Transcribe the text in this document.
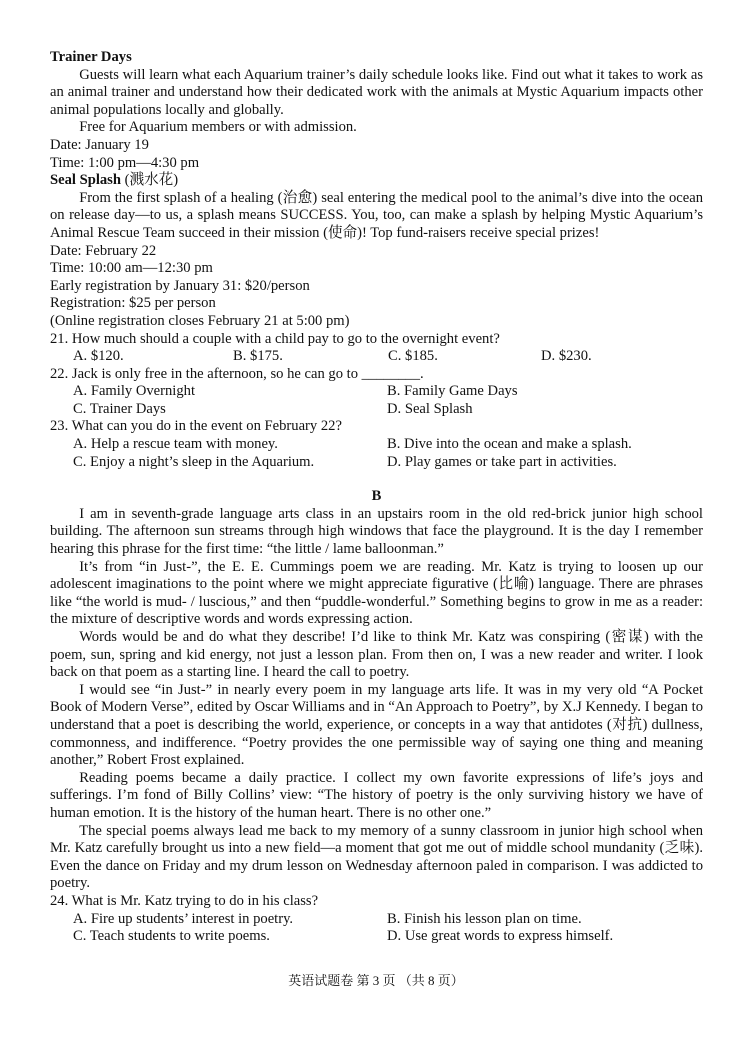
Trainer Days

Guests will learn what each Aquarium trainer’s daily schedule looks like. Find out what it takes to work as an animal trainer and understand how their dedicated work with the animals at Mystic Aquarium impacts other animal populations locally and globally.

Free for Aquarium members or with admission.

Date: January 19
Time: 1:00 pm—4:30 pm
Seal Splash (溅水花)

From the first splash of a healing (治愈) seal entering the medical pool to the animal’s dive into the ocean on release day—to us, a splash means SUCCESS. You, too, can make a splash by helping Mystic Aquarium’s Animal Rescue Team succeed in their mission (使命)! Top fund-raisers receive special prizes!

Date: February 22
Time: 10:00 am—12:30 pm
Early registration by January 31: $20/person
Registration: $25 per person
(Online registration closes February 21 at 5:00 pm)
21. How much should a couple with a child pay to go to the overnight event?
A. $120.	B. $175.	C. $185.	D. $230.
22. Jack is only free in the afternoon, so he can go to ________.
A. Family Overnight	B. Family Game Days
C. Trainer Days	D. Seal Splash
23. What can you do in the event on February 22?
A. Help a rescue team with money.	B. Dive into the ocean and make a splash.
C. Enjoy a night’s sleep in the Aquarium.	D. Play games or take part in activities.
B

I am in seventh-grade language arts class in an upstairs room in the old red-brick junior high school building. The afternoon sun streams through high windows that face the playground. It is the day I remember hearing this phrase for the first time: “the little / lame balloonman.”

It’s from “in Just-”, the E. E. Cummings poem we are reading. Mr. Katz is trying to loosen up our adolescent imaginations to the point where we might appreciate figurative (比喻) language. There are phrases like “the world is mud- / luscious,” and then “puddle-wonderful.” Something begins to grow in me as a reader: the mixture of descriptive words and words expressing action.

Words would be and do what they describe! I’d like to think Mr. Katz was conspiring (密谋) with the poem, sun, spring and kid energy, not just a lesson plan. From then on, I was a new reader and writer. I look back on that poem as a starting line. I heard the call to poetry.

I would see “in Just-” in nearly every poem in my language arts life. It was in my very old “A Pocket Book of Modern Verse”, edited by Oscar Williams and in “An Approach to Poetry”, by X.J Kennedy. I began to understand that a poet is describing the world, experience, or concepts in a way that antidotes (对抗) dullness, commonness, and indifference. “Poetry provides the one permissible way of saying one thing and meaning another,” Robert Frost explained.

Reading poems became a daily practice. I collect my own favorite expressions of life’s joys and sufferings. I’m fond of Billy Collins’ view: “The history of poetry is the only surviving history we have of human emotion. It is the history of the human heart. There is no other one.”

The special poems always lead me back to my memory of a sunny classroom in junior high school when Mr. Katz carefully brought us into a new field—a moment that got me out of middle school mundanity (乏味). Even the dance on Friday and my drum lesson on Wednesday afternoon paled in comparison. I was addicted to poetry.

24. What is Mr. Katz trying to do in his class?
A. Fire up students’ interest in poetry.	B. Finish his lesson plan on time.
C. Teach students to write poems.	D. Use great words to express himself.
英语试题卷 第 3 页 （共 8 页）
